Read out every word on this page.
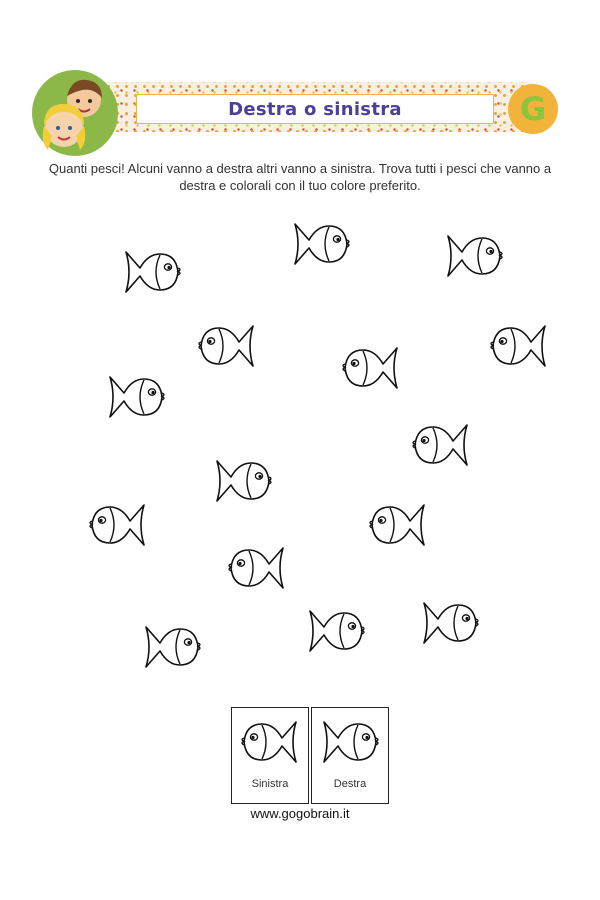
Destra o sinistra	G
Quanti pesci! Alcuni vanno a destra altri vanno a sinistra. Trova tutti i pesci che vanno a destra e colorali con il tuo colore preferito.
Sinistra	Destra
www.gogobrain.it
